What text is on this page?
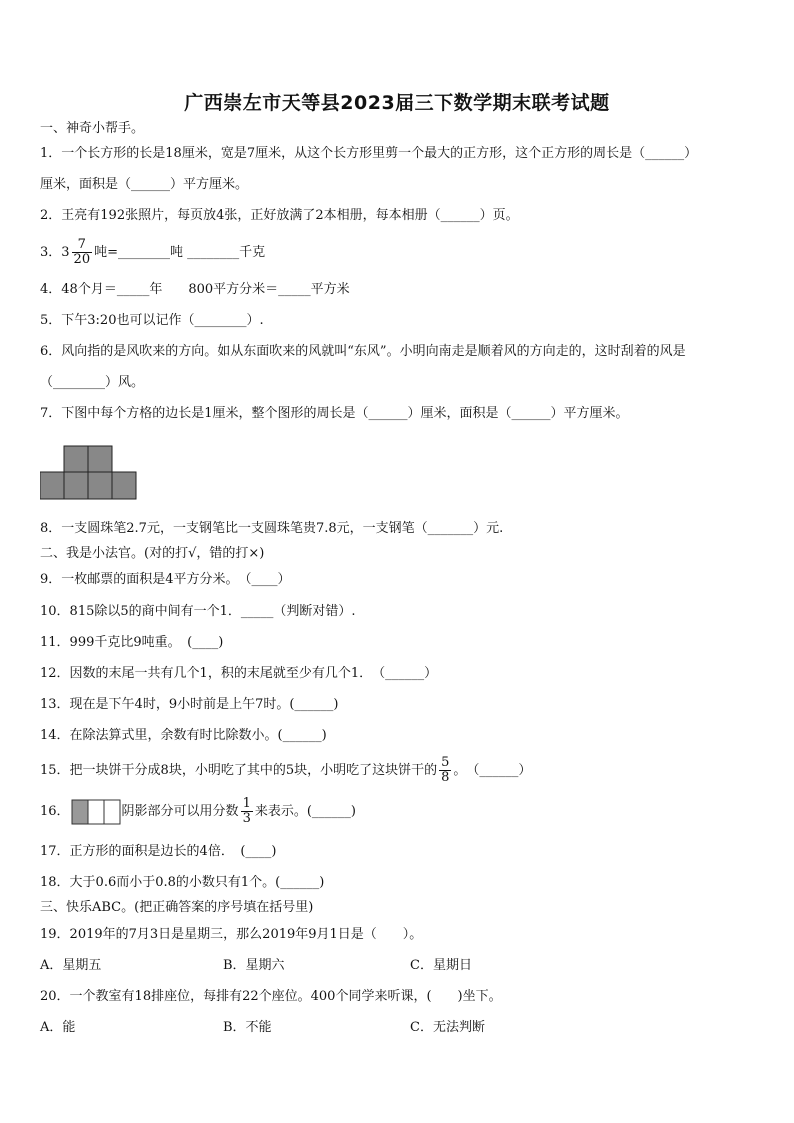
广西崇左市天等县2023届三下数学期末联考试题
一、神奇小帮手。
1．一个长方形的长是18厘米，宽是7厘米，从这个长方形里剪一个最大的正方形，这个正方形的周长是（______）
厘米，面积是（______）平方厘米。
2．王亮有192张照片，每页放4张，正好放满了2本相册，每本相册（______）页。
3．$3 \frac{7}{20}$ 吨=________吨 ________千克
4．48个月＝_____年　　800平方分米＝_____平方米
5．下午3:20也可以记作（________）.
6．风向指的是风吹来的方向。如从东面吹来的风就叫“东风”。小明向南走是顺着风的方向走的，这时刮着的风是
（________）风。
7．下图中每个方格的边长是1厘米，整个图形的周长是（______）厘米，面积是（______）平方厘米。
8．一支圆珠笔2.7元，一支钢笔比一支圆珠笔贵7.8元，一支钢笔（_______）元.
二、我是小法官。(对的打√，错的打×)
9．一枚邮票的面积是4平方分米。　（____）
10．815除以5的商中间有一个1．_____（判断对错）.
11．999千克比9吨重。　(____)
12．因数的末尾一共有几个1，积的末尾就至少有几个1．　（______）
13．现在是下午4时，9小时前是上午7时。(______)
14．在除法算式里，余数有时比除数小。(______)
15．把一块饼干分成8块，小明吃了其中的5块，小明吃了这块饼干的 $\frac{5}{8}$ 。　（______）
16．	阴影部分可以用分数 $\frac{1}{3}$ 来表示。(______)
17．正方形的面积是边长的4倍．　(____)
18．大于0.6而小于0.8的小数只有1个。(______)
三、快乐ABC。(把正确答案的序号填在括号里)
19．2019年的7月3日是星期三，那么2019年9月1日是（　　）。
A．星期五	B．星期六	C．星期日
20．一个教室有18排座位，每排有22个座位。400个同学来听课，(　　)坐下。
A．能	B．不能	C．无法判断
